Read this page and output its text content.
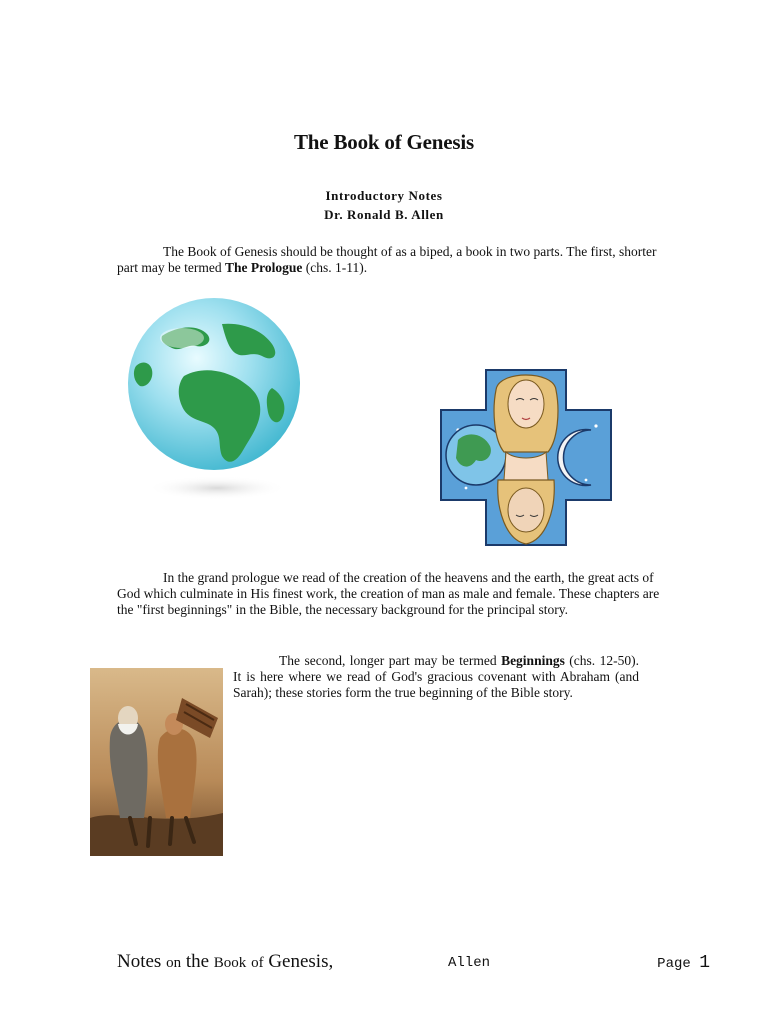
The Book of Genesis
Introductory Notes
Dr. Ronald B. Allen
The Book of Genesis should be thought of as a biped, a book in two parts. The first, shorter part may be termed The Prologue (chs. 1-11).
In the grand prologue we read of the creation of the heavens and the earth, the great acts of God which culminate in His finest work, the creation of man as male and female. These chapters are the "first beginnings" in the Bible, the necessary background for the principal story.
The second, longer part may be termed Beginnings (chs. 12-50). It is here where we read of God's gracious covenant with Abraham (and Sarah); these stories form the true beginning of the Bible story.
Notes on the Book of Genesis,	Allen	Page 1
